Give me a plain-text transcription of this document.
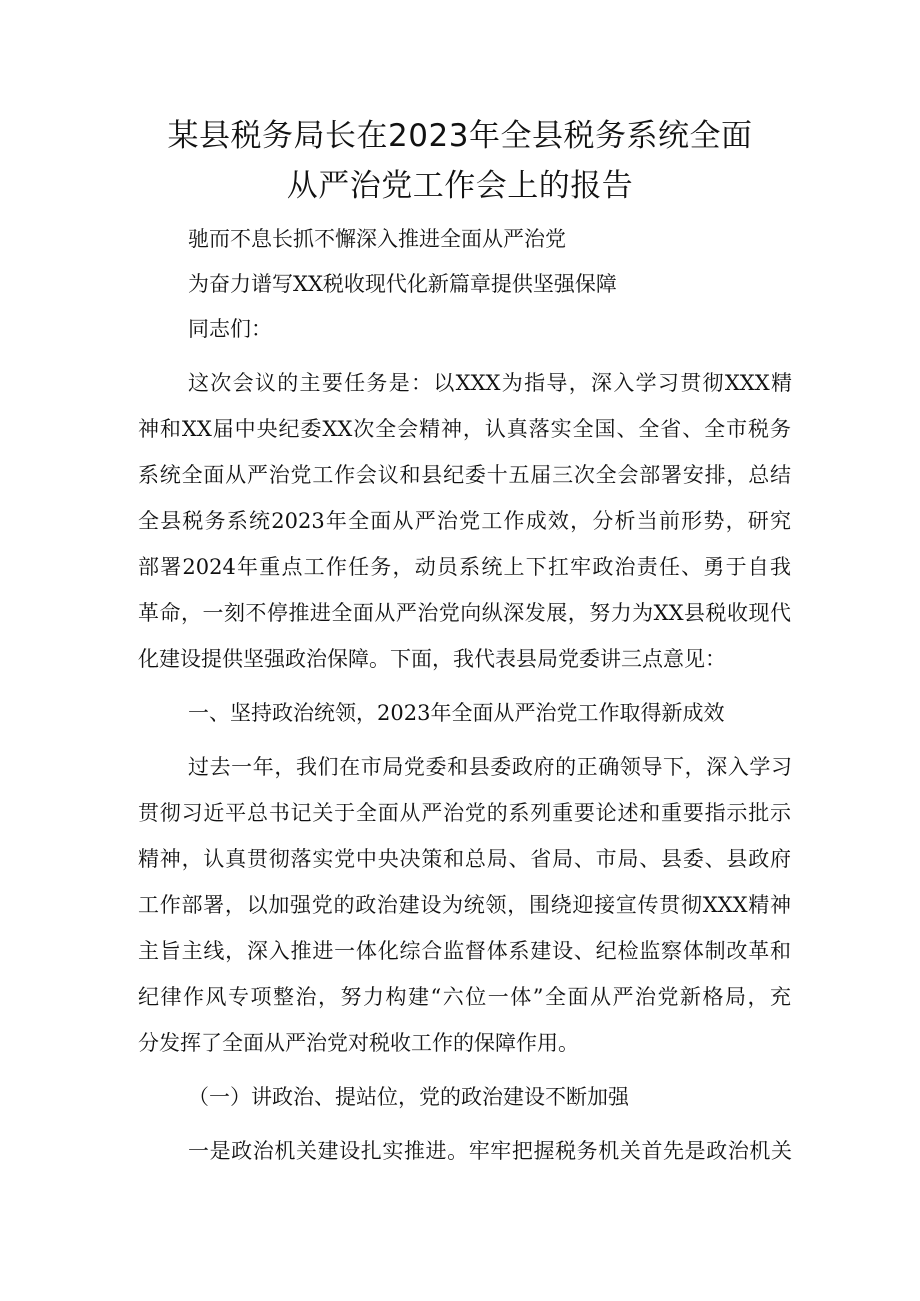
某县税务局长在2023年全县税务系统全面
从严治党工作会上的报告
驰而不息长抓不懈深入推进全面从严治党
为奋力谱写XX税收现代化新篇章提供坚强保障
同志们：
这次会议的主要任务是：以XXX为指导，深入学习贯彻XXX精
神和XX届中央纪委XX次全会精神，认真落实全国、全省、全市税务
系统全面从严治党工作会议和县纪委十五届三次全会部署安排，总结
全县税务系统2023年全面从严治党工作成效，分析当前形势，研究
部署2024年重点工作任务，动员系统上下扛牢政治责任、勇于自我
革命，一刻不停推进全面从严治党向纵深发展，努力为XX县税收现代
化建设提供坚强政治保障。下面，我代表县局党委讲三点意见：
一、坚持政治统领，2023年全面从严治党工作取得新成效
过去一年，我们在市局党委和县委政府的正确领导下，深入学习
贯彻习近平总书记关于全面从严治党的系列重要论述和重要指示批示
精神，认真贯彻落实党中央决策和总局、省局、市局、县委、县政府
工作部署，以加强党的政治建设为统领，围绕迎接宣传贯彻XXX精神
主旨主线，深入推进一体化综合监督体系建设、纪检监察体制改革和
纪律作风专项整治，努力构建“六位一体”全面从严治党新格局，充
分发挥了全面从严治党对税收工作的保障作用。
（一）讲政治、提站位，党的政治建设不断加强
一是政治机关建设扎实推进。牢牢把握税务机关首先是政治机关
